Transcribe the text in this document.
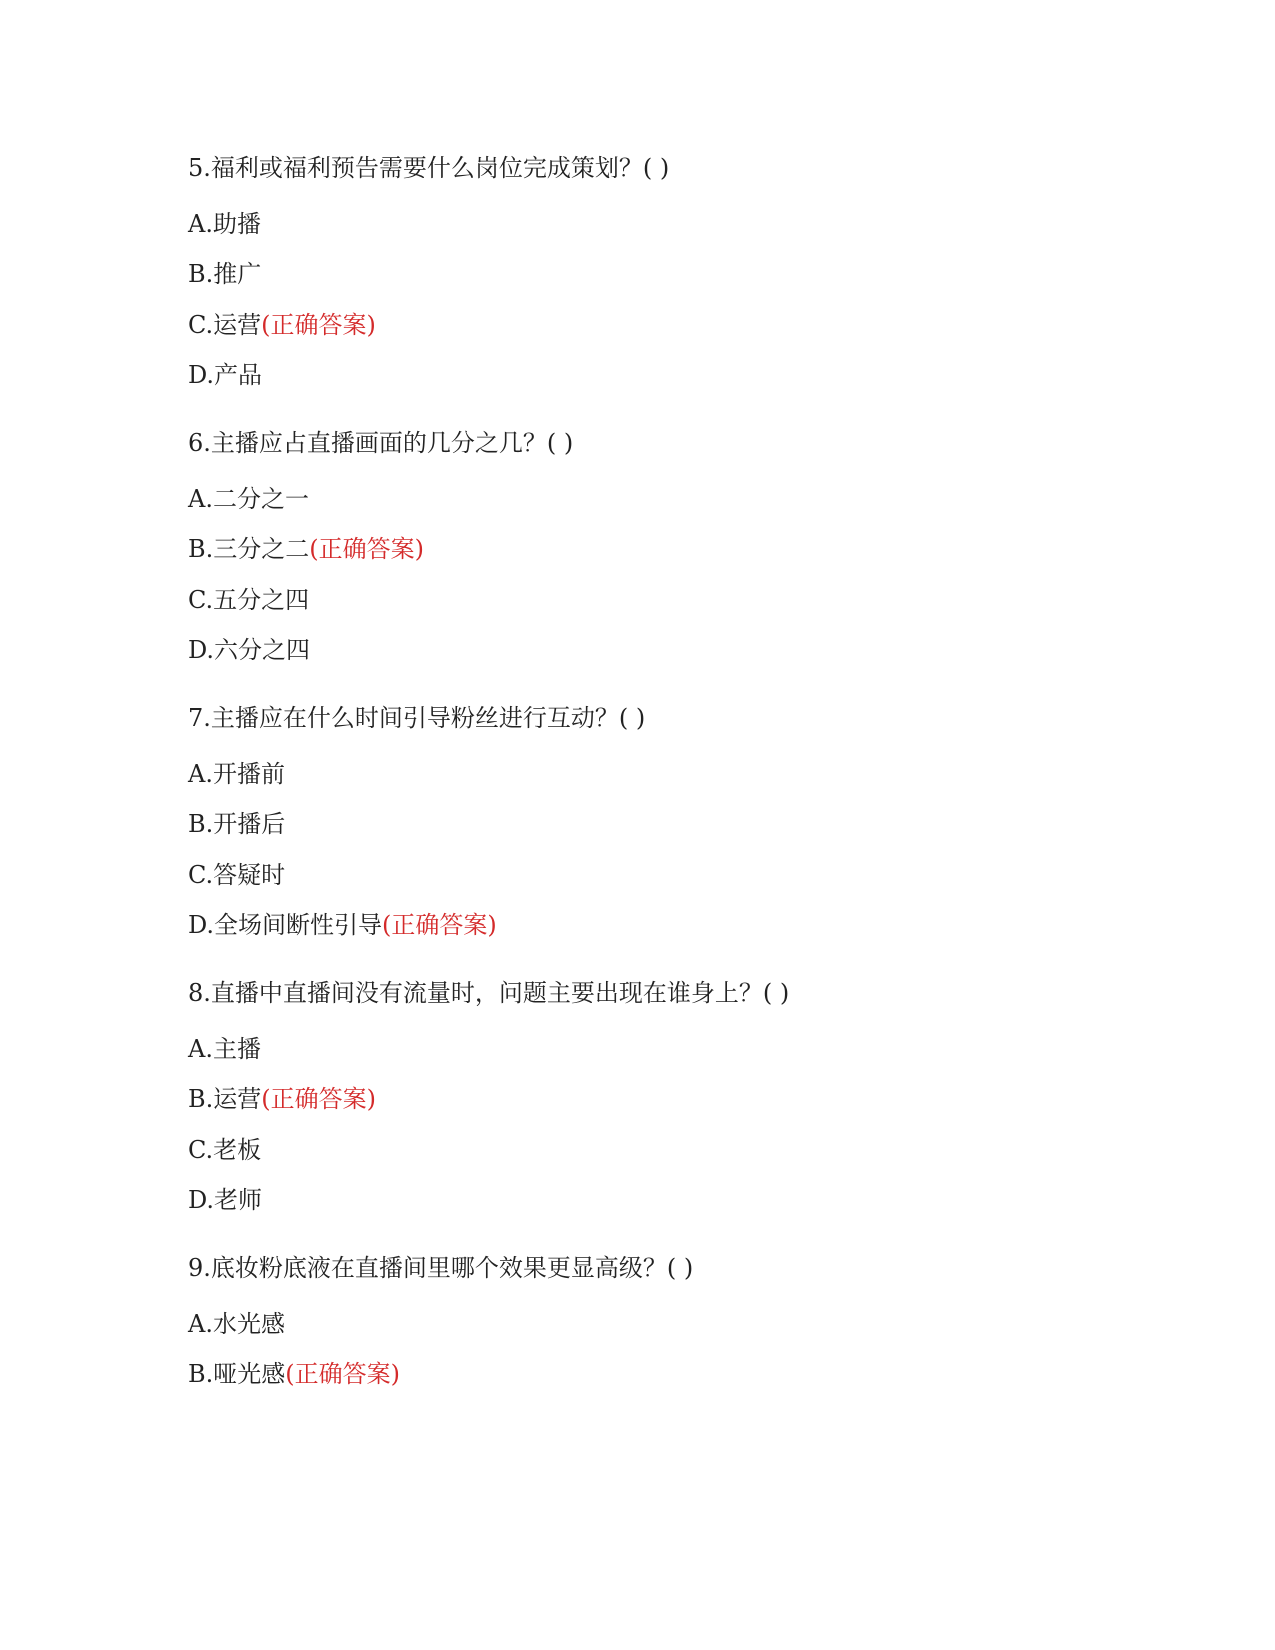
5.福利或福利预告需要什么岗位完成策划？( )
A.助播
B.推广
C.运营(正确答案)
D.产品
6.主播应占直播画面的几分之几？( )
A.二分之一
B.三分之二(正确答案)
C.五分之四
D.六分之四
7.主播应在什么时间引导粉丝进行互动？( )
A.开播前
B.开播后
C.答疑时
D.全场间断性引导(正确答案)
8.直播中直播间没有流量时，问题主要出现在谁身上？( )
A.主播
B.运营(正确答案)
C.老板
D.老师
9.底妆粉底液在直播间里哪个效果更显高级？( )
A.水光感
B.哑光感(正确答案)
